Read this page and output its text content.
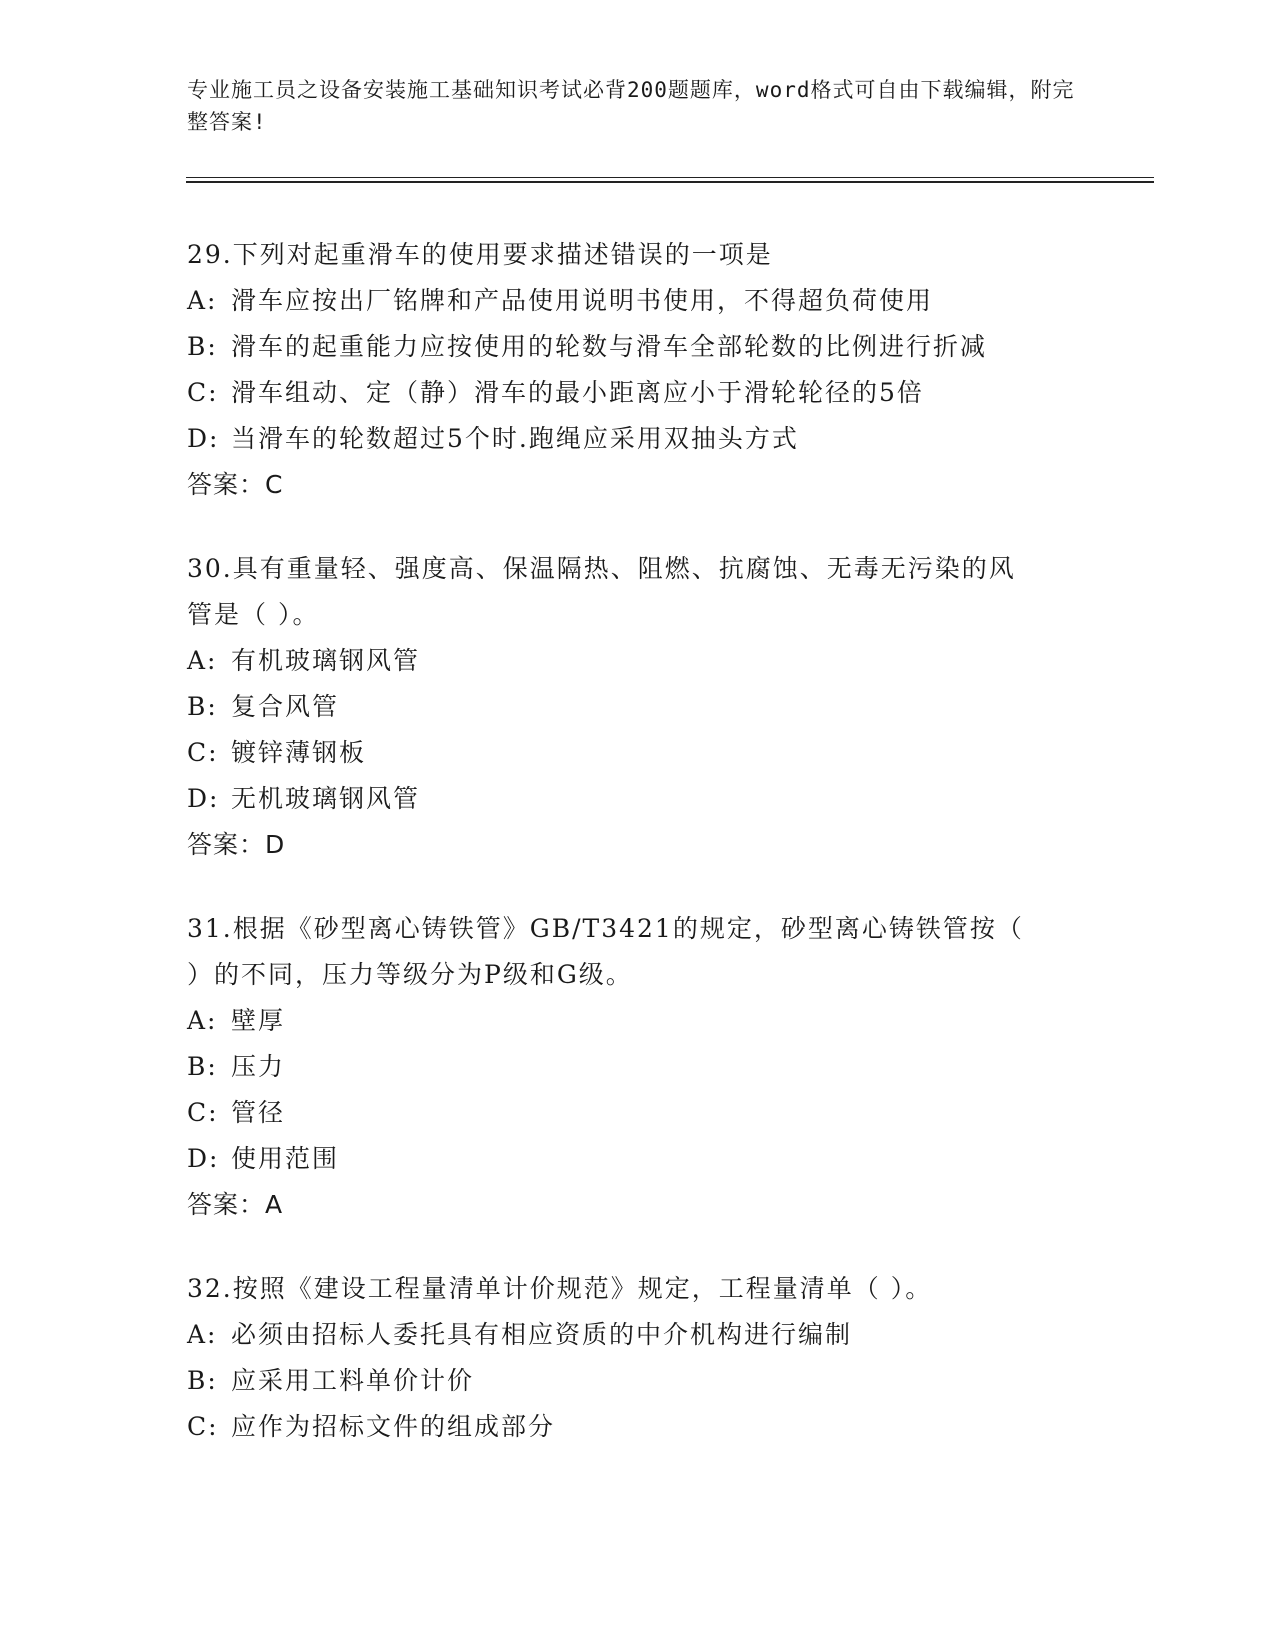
专业施工员之设备安装施工基础知识考试必背200题题库，word格式可自由下载编辑，附完整答案!
29.下列对起重滑车的使用要求描述错误的一项是
A: 滑车应按出厂铭牌和产品使用说明书使用，不得超负荷使用
B: 滑车的起重能力应按使用的轮数与滑车全部轮数的比例进行折减
C: 滑车组动、定（静）滑车的最小距离应小于滑轮轮径的5倍
D: 当滑车的轮数超过5个时.跑绳应采用双抽头方式
答案：C
30.具有重量轻、强度高、保温隔热、阻燃、抗腐蚀、无毒无污染的风
管是（ ）。
A: 有机玻璃钢风管
B: 复合风管
C: 镀锌薄钢板
D: 无机玻璃钢风管
答案：D
31.根据《砂型离心铸铁管》GB/T3421的规定，砂型离心铸铁管按（
）的不同，压力等级分为P级和G级。
A: 壁厚
B: 压力
C: 管径
D: 使用范围
答案：A
32.按照《建设工程量清单计价规范》规定，工程量清单（ ）。
A: 必须由招标人委托具有相应资质的中介机构进行编制
B: 应采用工料单价计价
C: 应作为招标文件的组成部分
